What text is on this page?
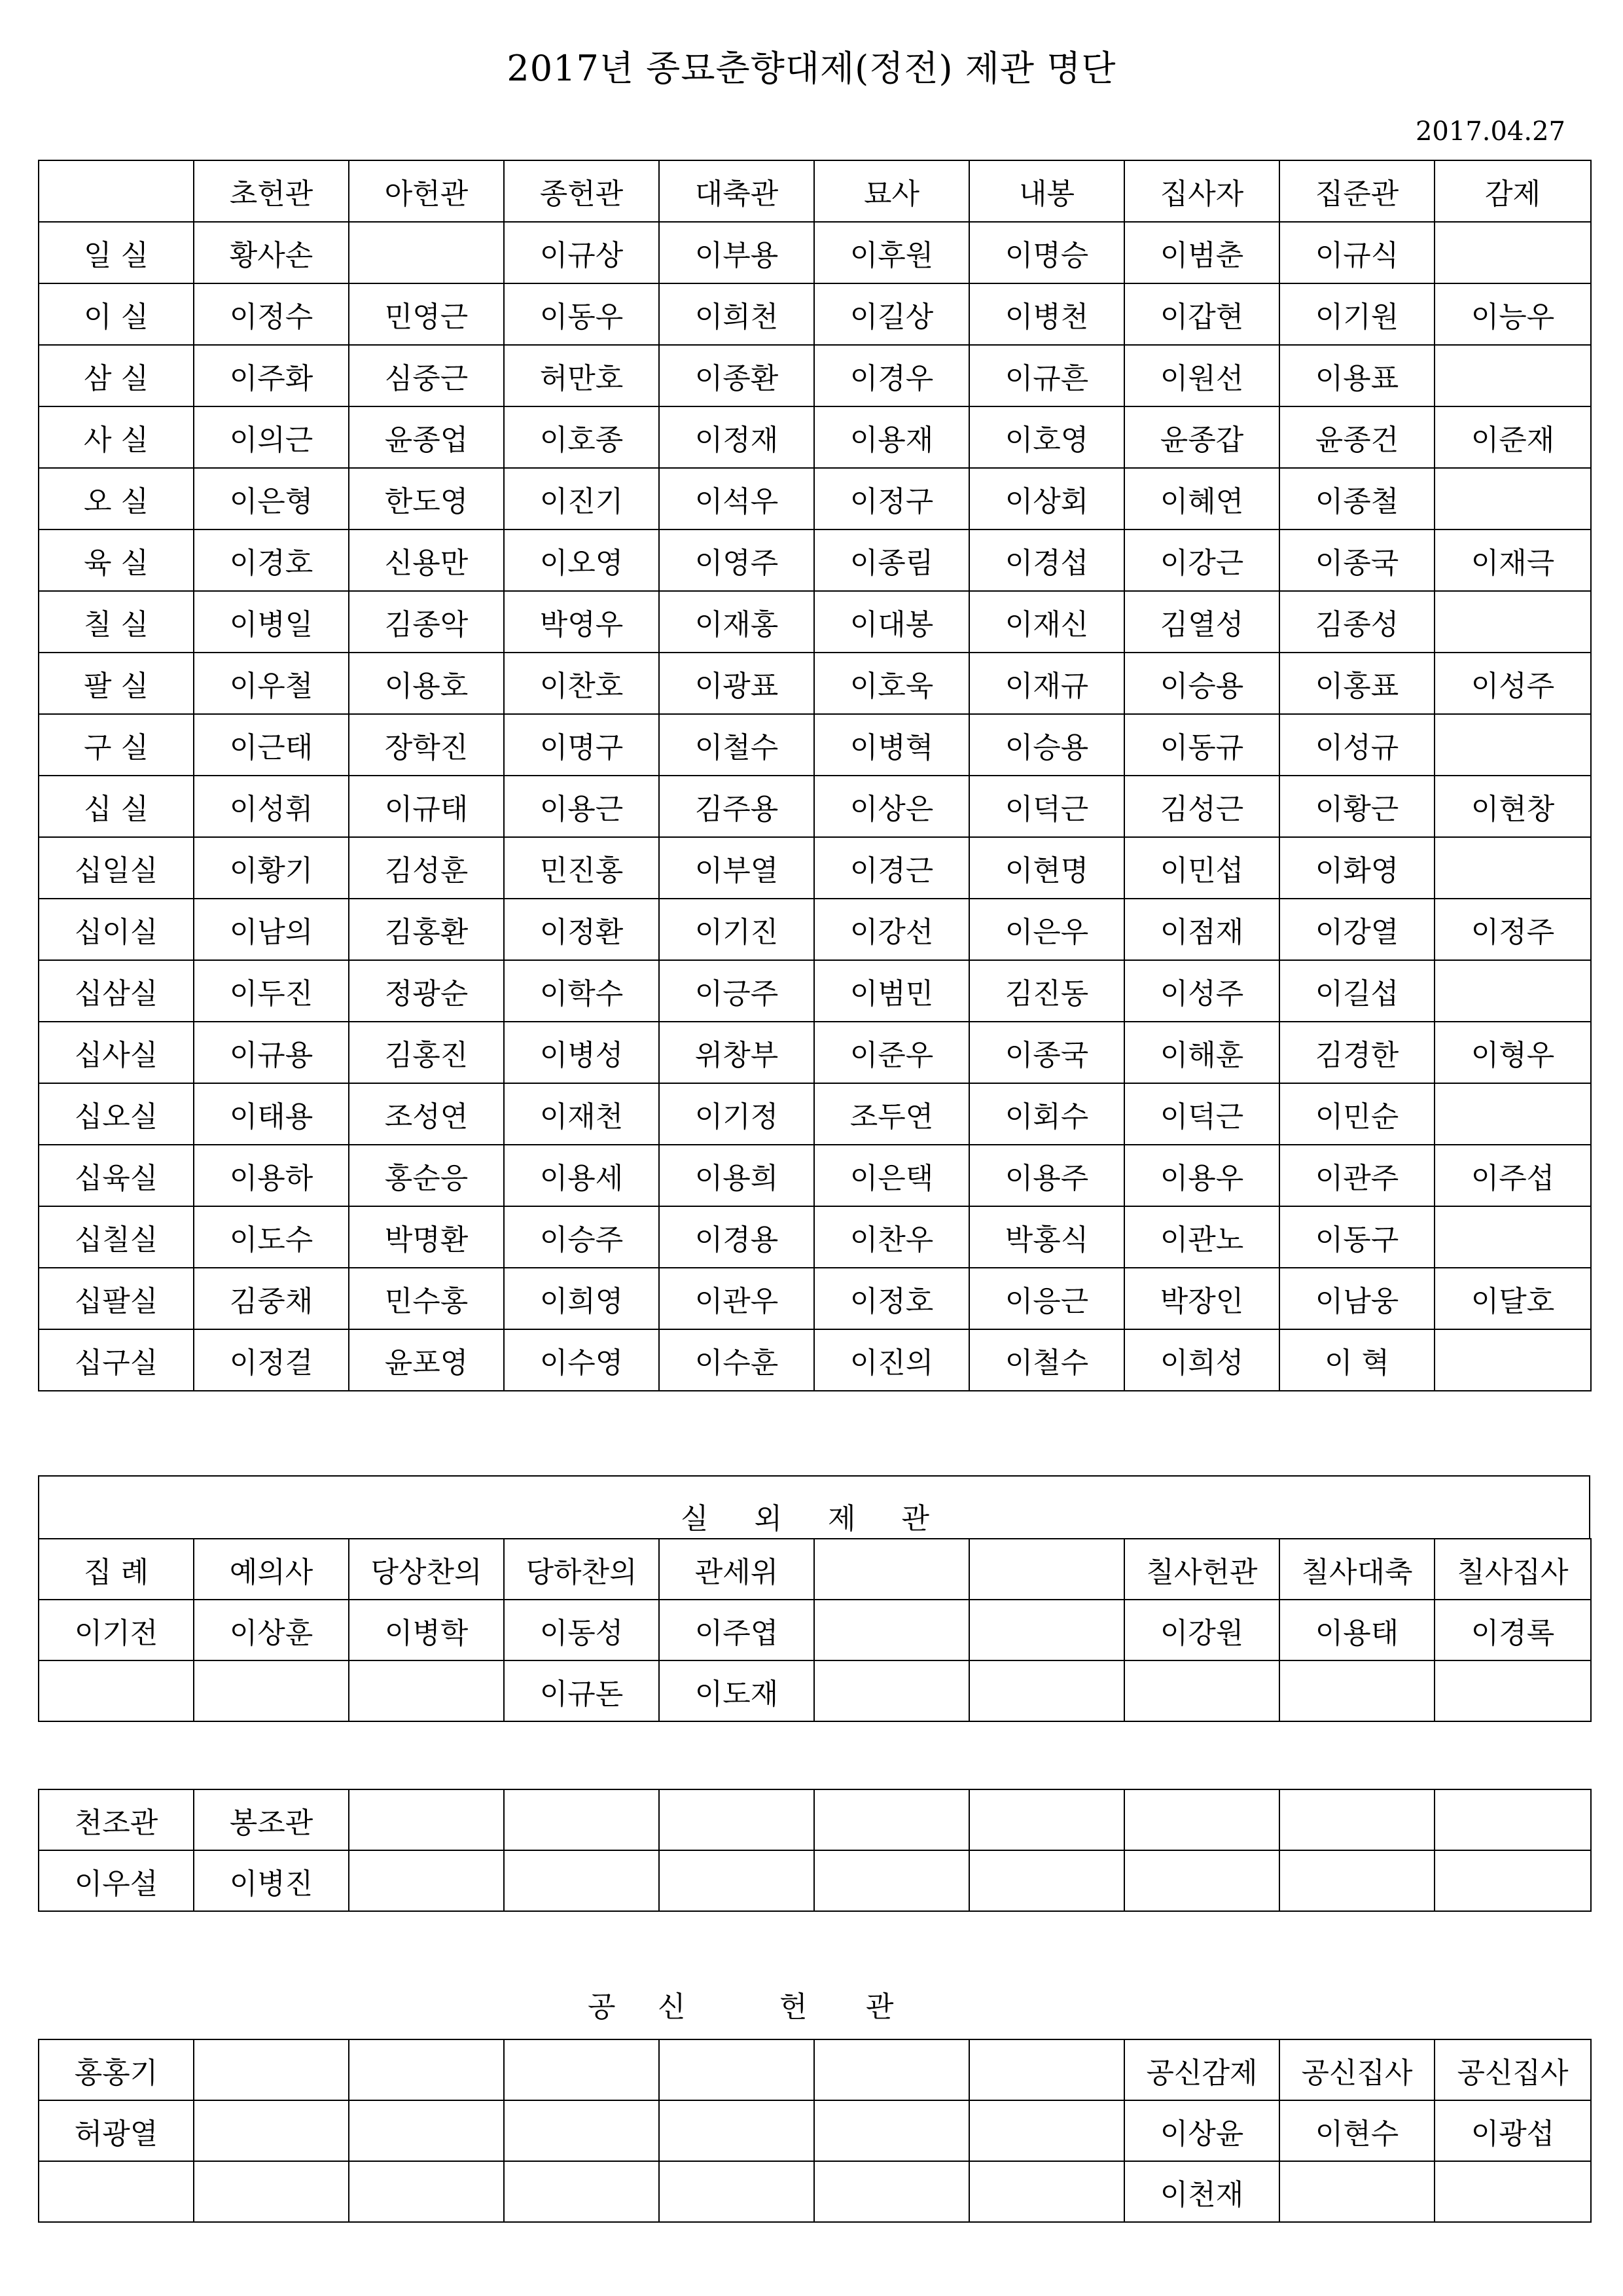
2017년 종묘춘향대제(정전) 제관 명단
2017.04.27
	초헌관	아헌관	종헌관	대축관	묘사	내봉	집사자	집준관	감제
일 실	황사손		이규상	이부용	이후원	이명승	이범춘	이규식	
이 실	이정수	민영근	이동우	이희천	이길상	이병천	이갑현	이기원	이능우
삼 실	이주화	심중근	허만호	이종환	이경우	이규흔	이원선	이용표	
사 실	이의근	윤종업	이호종	이정재	이용재	이호영	윤종갑	윤종건	이준재
오 실	이은형	한도영	이진기	이석우	이정구	이상회	이혜연	이종철	
육 실	이경호	신용만	이오영	이영주	이종림	이경섭	이강근	이종국	이재극
칠 실	이병일	김종악	박영우	이재홍	이대봉	이재신	김열성	김종성	
팔 실	이우철	이용호	이찬호	이광표	이호욱	이재규	이승용	이홍표	이성주
구 실	이근태	장학진	이명구	이철수	이병혁	이승용	이동규	이성규	
십 실	이성휘	이규태	이용근	김주용	이상은	이덕근	김성근	이황근	이현창
십일실	이황기	김성훈	민진홍	이부열	이경근	이현명	이민섭	이화영	
십이실	이남의	김홍환	이정환	이기진	이강선	이은우	이점재	이강열	이정주
십삼실	이두진	정광순	이학수	이긍주	이범민	김진동	이성주	이길섭	
십사실	이규용	김홍진	이병성	위창부	이준우	이종국	이해훈	김경한	이형우
십오실	이태용	조성연	이재천	이기정	조두연	이회수	이덕근	이민순	
십육실	이용하	홍순응	이용세	이용희	이은택	이용주	이용우	이관주	이주섭
십칠실	이도수	박명환	이승주	이경용	이찬우	박홍식	이관노	이동구	
십팔실	김중채	민수홍	이희영	이관우	이정호	이응근	박장인	이남웅	이달호
십구실	이정걸	윤포영	이수영	이수훈	이진의	이철수	이희성	이 혁	
실 외 제 관
집 례	예의사	당상찬의	당하찬의	관세위			칠사헌관	칠사대축	칠사집사
이기전	이상훈	이병학	이동성	이주엽			이강원	이용태	이경록
			이규돈	이도재					
천조관	봉조관								
이우설	이병진								
공 신	헌 관
홍홍기							공신감제	공신집사	공신집사
허광열							이상윤	이현수	이광섭
							이천재		
